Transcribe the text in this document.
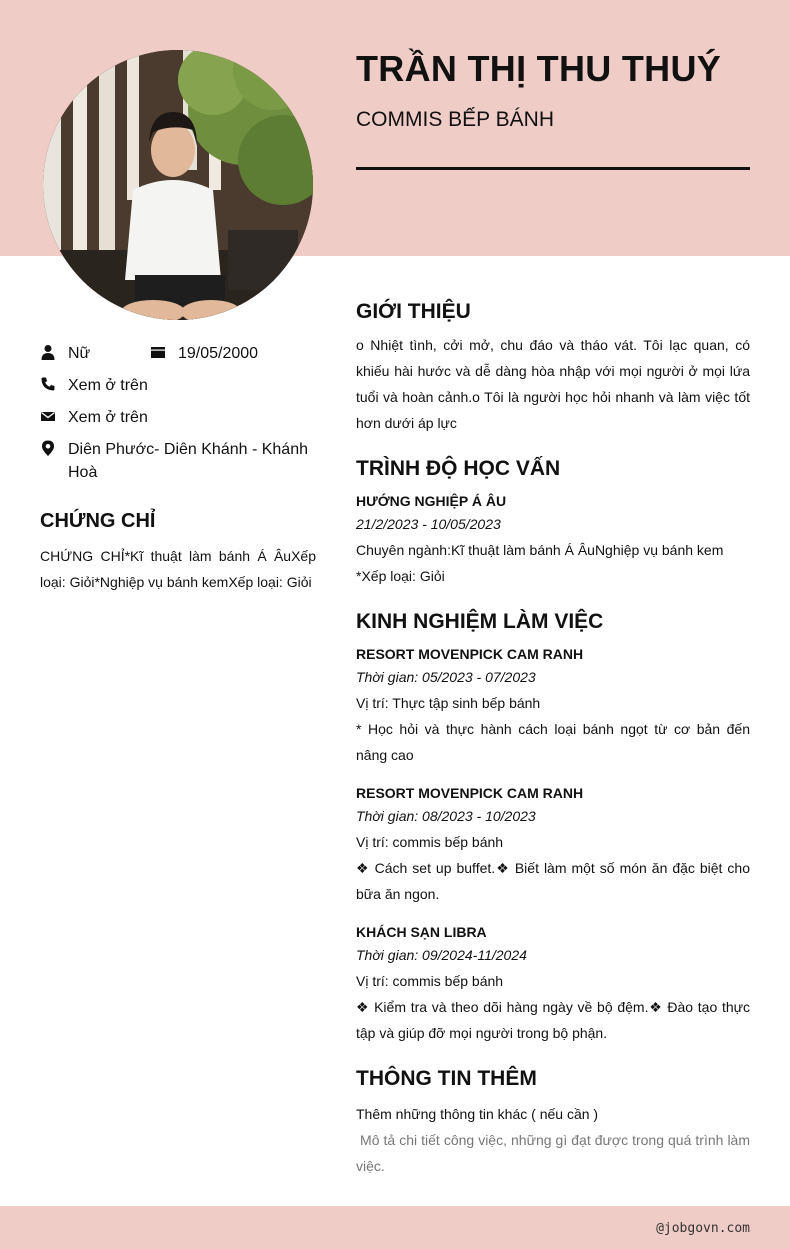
TRẦN THỊ THU THUÝ
COMMIS BẾP BÁNH
Nữ	19/05/2000
Xem ở trên
Xem ở trên
Diên Phước- Diên Khánh - Khánh Hoà
CHỨNG CHỈ
CHỨNG CHỈ*Kĩ thuật làm bánh Á ÂuXếp loại: Giỏi*Nghiệp vụ bánh kemXếp loại: Giỏi
GIỚI THIỆU
o Nhiệt tình, cởi mở, chu đáo và tháo vát. Tôi lạc quan, có khiếu hài hước và dễ dàng hòa nhập với mọi người ở mọi lứa tuổi và hoàn cảnh.o Tôi là người học hỏi nhanh và làm việc tốt hơn dưới áp lực
TRÌNH ĐỘ HỌC VẤN
HƯỚNG NGHIỆP Á ÂU
21/2/2023 - 10/05/2023
Chuyên ngành:Kĩ thuật làm bánh Á ÂuNghiệp vụ bánh kem *Xếp loại: Giỏi
KINH NGHIỆM LÀM VIỆC
RESORT MOVENPICK CAM RANH
Thời gian: 05/2023 - 07/2023
Vị trí: Thực tập sinh bếp bánh
* Học hỏi và thực hành cách loại bánh ngọt từ cơ bản đến nâng cao
RESORT MOVENPICK CAM RANH
Thời gian: 08/2023 - 10/2023
Vị trí: commis bếp bánh
❖ Cách set up buffet.❖ Biết làm một số món ăn đặc biệt cho bữa ăn ngon.
KHÁCH SẠN LIBRA
Thời gian: 09/2024-11/2024
Vị trí: commis bếp bánh
❖ Kiểm tra và theo dõi hàng ngày về bộ đệm.❖ Đào tạo thực tập và giúp đỡ mọi người trong bộ phận.
THÔNG TIN THÊM
Thêm những thông tin khác ( nếu cần )
Mô tả chi tiết công việc, những gì đạt được trong quá trình làm việc.
@jobgovn.com
